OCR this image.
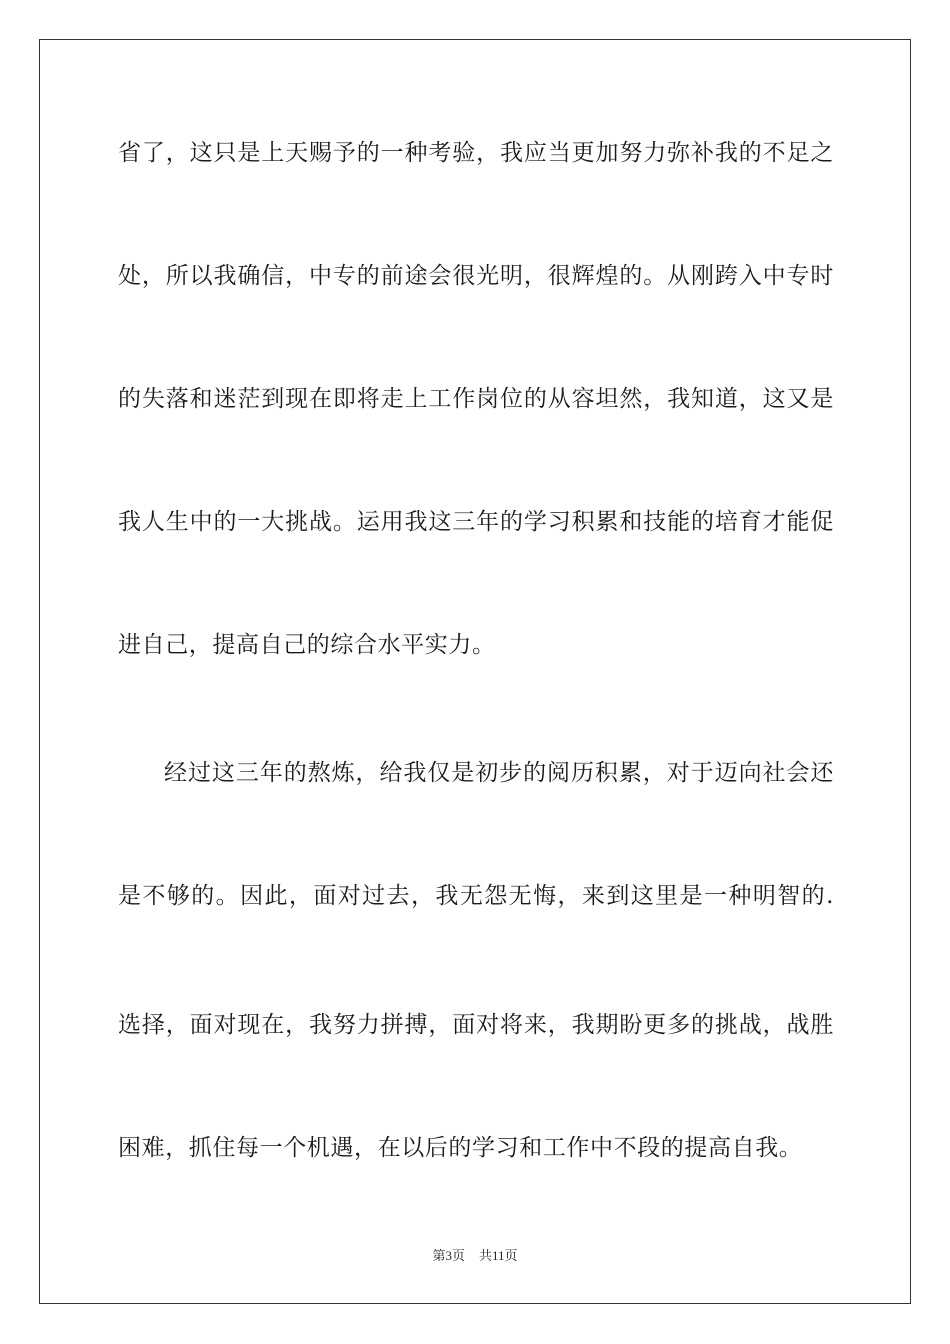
省了，这只是上天赐予的一种考验，我应当更加努力弥补我的不足之
处，所以我确信，中专的前途会很光明，很辉煌的。从刚跨入中专时
的失落和迷茫到现在即将走上工作岗位的从容坦然，我知道，这又是
我人生中的一大挑战。运用我这三年的学习积累和技能的培育才能促
进自己，提高自己的综合水平实力。
经过这三年的熬炼，给我仅是初步的阅历积累，对于迈向社会还
是不够的。因此，面对过去，我无怨无悔，来到这里是一种明智的.
选择，面对现在，我努力拼搏，面对将来，我期盼更多的挑战，战胜
困难，抓住每一个机遇，在以后的学习和工作中不段的提高自我。
第3页 共11页
